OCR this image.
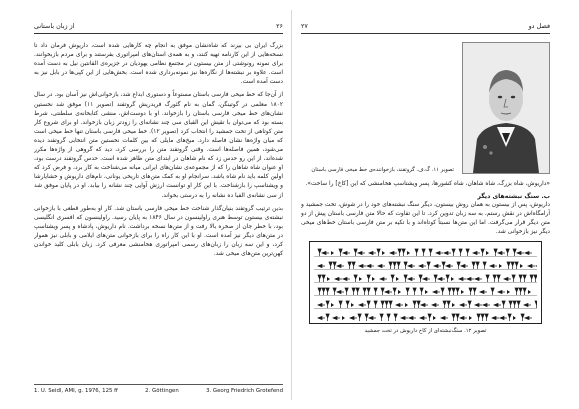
۲۶
از زبان باستانی

بزرگ ایران بی بیرند که شاه‌نشان موفق به انجام چه کارهایی شده است، داریوش فرمان داد تا نسخه‌هایی از این کارنامه تهیه کنند، و به همه‌ی استان‌های امپراتوری بفرستند و برای مردم بازبخوانند. برای نمونه رونوشتی از متن بیستون در مجتمع نظامی یهودیان در جزیره‌ی الفانتین نیل به دست آمده است. علاوه بر نبشته‌ها از نگاره‌ها نیز نمونه‌برداری شده است. بخش‌هایی از این کپی‌ها در بابل نیز به دست آمده است.

از آن‌جا که خط میخی فارسی باستان مستوعاً و دستوری ابداع شد، بازخوانی‌اش نیز آسان بود. در سال ۱۸۰۲ معلمی در گوتینگن، گمان به نام گئورگ فریدریش گروتفند (تصویر ۱۱) موفق شد نخستین نشان‌های خط میخی فارسی باستان را بازخواند. او با دوست‌اش، منشی کتابخانه‌ی سلطنتی، شرط بسته بود که می‌توان با تقیش این الفبای سی چند نشانه‌ای را زودتر زبان بازخواند. او برای شروع کار متن کوتاهی از تخت جمشید را انتخاب کرد (تصویر ۱۲). خط میخی فارسی باستان تنها خط میخی است که میان واژه‌ها نشان فاصله دارد. میخ‌های مایلی که بین کلمات نخستین متن انتخابی گروتفند دیده می‌شود، همین فاصله‌ها است. وقتی گروتفند متن را بررسی کرد، دید که گروهی از واژه‌ها مکرر شده‌اند، از این رو حدس زد که نام شاهان در ابتدای متن ظاهر شده است. حدس گروتفند درست بود، او عنوان شاه شاهان را که از مجموعه‌ی نشان‌های ایرانی میانه می‌شناخت به کار برد، و فرض کرد که اولین کلمه باید نام شاه باشد. سرانجام او به کمک متن‌های تاریخی یونانی، نام‌های داریوش و خشایارشا و ویشتاسپ را بازشناخت. با این کار او توانست ارزش آوایی چند نشانه را بیابد. او در پایان موفق شد از سی نشانه‌ی الفبا ده نشانه را به درستی بخواند.

بدین ترتیب گروتفند بنیان‌گذار شناخت خط میخی فارسی باستان شد. کار او به‌طور قطعی با بازخوانی نبشته‌ی بیستون توسط هنری راولینسون در سال ۱۸۴۶ به پایان رسید. راولینسون که افسری انگلیسی بود، با خطر جان از صخره بالا رفت و از متن‌ها نسخه برداشت. نام داریوش، پادشاه و پسر ویشتاسپ در متن‌های دیگر نیز آمده است. او با این کار راه را برای بازخوانی متن‌های ایلامی و بابلی نیز هموار کرد، و این سه زبان را زبان‌های رسمی امپراتوری هخامنشی معرفی کرد. زبان بابلی کلید خواندن کهن‌ترین متن‌های میخی شد.

1. U. Seidl, AMI, g. 1976, 125 ff	2. Göttingen	3. Georg Friedrich Grotefend
۲۷	فصل دو
تصویر ۱۱. گ.ف. گروتفند، بازخواننده‌ی خط میخی فارسی باستان

«داریوش، شاه بزرگ، شاه شاهان، شاه کشورها، پسر ویشتاسپ هخامنشی که این [کاخ] را ساخت».

ب. سنگ نبشته‌های دیگر

داریوش، پس از بیستون به همان روش بیستون، دیگر سنگ نبشته‌های خود را در شوش، تخت جمشید و آرامگاه‌اش در نقش رستم، به سه زبان تدوین کرد. تا این تفاوت که حالا متن فارسی باستان پیش از دو متن دیگر قرار می‌گرفت. اما این متن‌ها نسبتاً کوتاه‌اند و با تکیه بر متن فارسی باستان خط‌های میخی دیگر نیز بازخوانی شد.

تصویر ۱۲. سنگ‌نبشته‌ای از کاخ داریوش در تخت جمشید
